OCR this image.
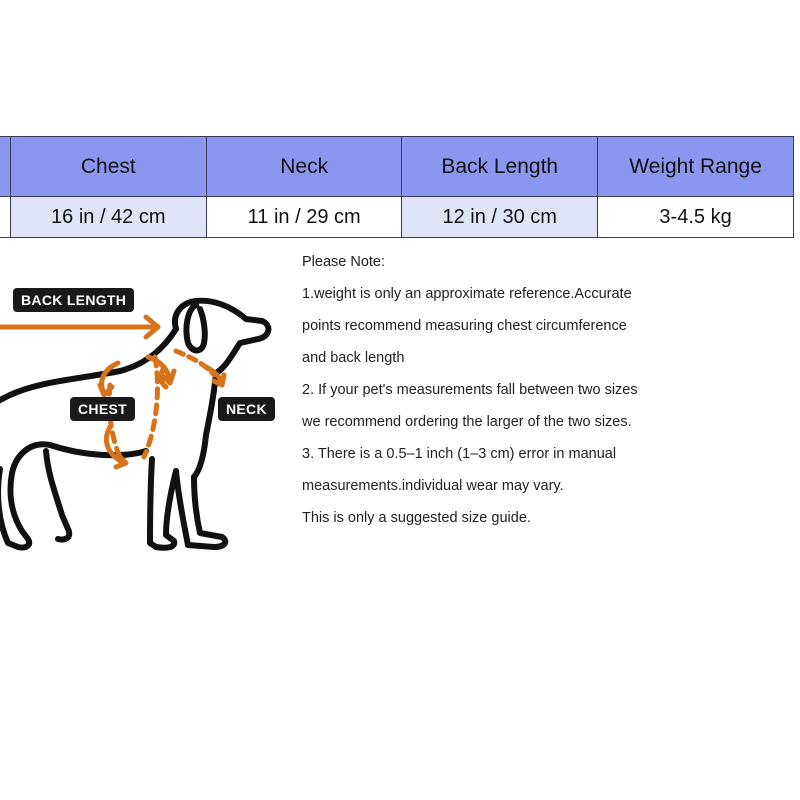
	Chest	Neck	Back Length	Weight Range
	16 in / 42 cm	11 in / 29 cm	12 in / 30 cm	3-4.5 kg
BACK LENGTH
CHEST	NECK
Please Note:
1.weight is only an approximate reference.Accurate
points recommend measuring chest circumference
and back length
2. If your pet's measurements fall between two sizes
we recommend ordering the larger of the two sizes.
3. There is a 0.5–1 inch (1–3 cm) error in manual
measurements.individual wear may vary.
This is only a suggested size guide.
